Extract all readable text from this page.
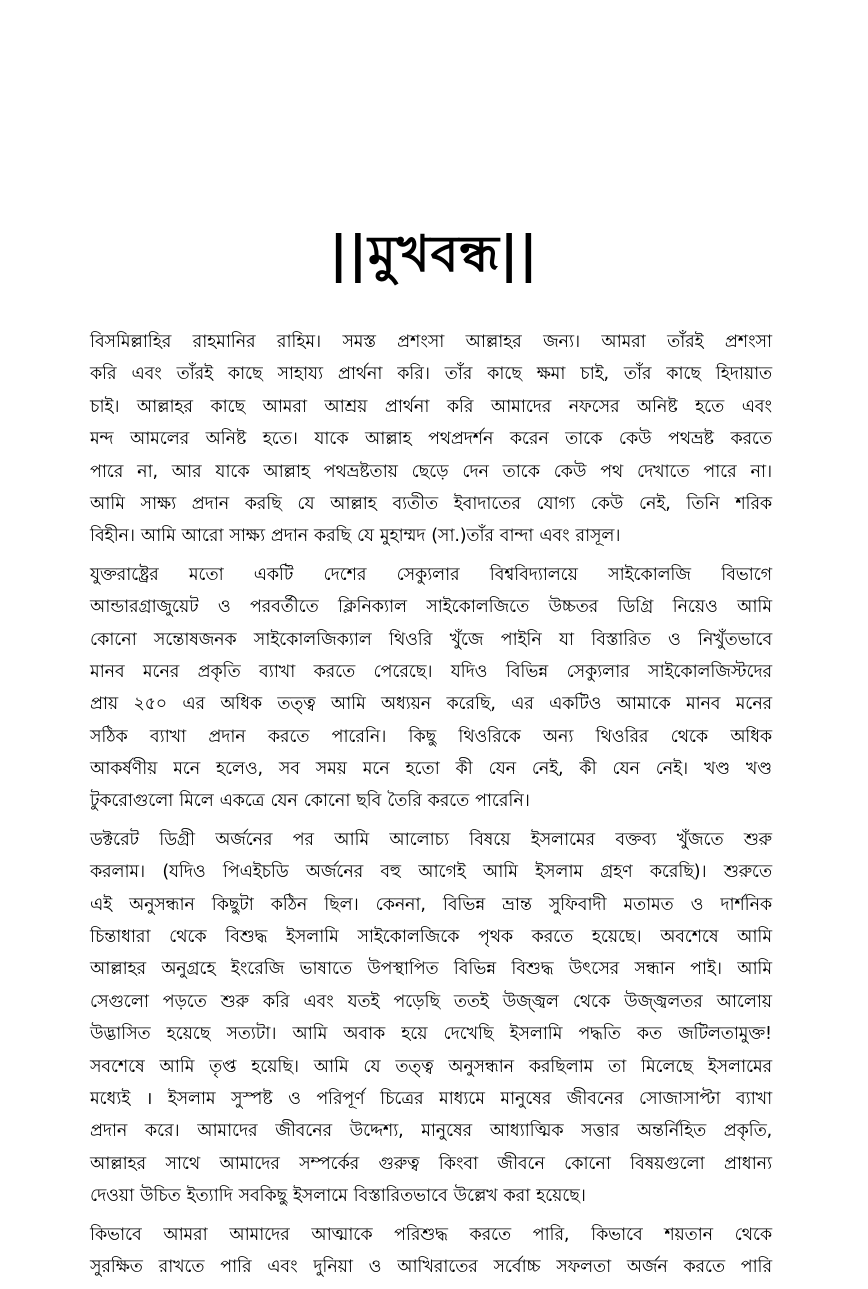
||মুখবন্ধ||
বিসমিল্লাহির রাহমানির রাহিম। সমস্ত প্রশংসা আল্লাহর জন্য। আমরা তাঁরই প্রশংসা
করি এবং তাঁরই কাছে সাহায্য প্রার্থনা করি। তাঁর কাছে ক্ষমা চাই, তাঁর কাছে হিদায়াত
চাই। আল্লাহর কাছে আমরা আশ্রয় প্রার্থনা করি আমাদের নফসের অনিষ্ট হতে এবং
মন্দ আমলের অনিষ্ট হতে। যাকে আল্লাহ পথপ্রদর্শন করেন তাকে কেউ পথভ্রষ্ট করতে
পারে না, আর যাকে আল্লাহ পথভ্রষ্টতায় ছেড়ে দেন তাকে কেউ পথ দেখাতে পারে না।
আমি সাক্ষ্য প্রদান করছি যে আল্লাহ ব্যতীত ইবাদাতের যোগ্য কেউ নেই, তিনি শরিক
বিহীন। আমি আরো সাক্ষ্য প্রদান করছি যে মুহাম্মদ (সা.)তাঁর বান্দা এবং রাসূল।
যুক্তরাষ্ট্রের মতো একটি দেশের সেক্যুলার বিশ্ববিদ্যালয়ে সাইকোলজি বিভাগে
আন্ডারগ্রাজুয়েট ও পরবর্তীতে ক্লিনিক্যাল সাইকোলজিতে উচ্চতর ডিগ্রি নিয়েও আমি
কোনো সন্তোষজনক সাইকোলজিক্যাল থিওরি খুঁজে পাইনি যা বিস্তারিত ও নিখুঁতভাবে
মানব মনের প্রকৃতি ব্যাখা করতে পেরেছে। যদিও বিভিন্ন সেক্যুলার সাইকোলজিস্টদের
প্রায় ২৫০ এর অধিক তত্ত্ব আমি অধ্যয়ন করেছি, এর একটিও আমাকে মানব মনের
সঠিক ব্যাখা প্রদান করতে পারেনি। কিছু থিওরিকে অন্য থিওরির থেকে অধিক
আকর্ষণীয় মনে হলেও, সব সময় মনে হতো কী যেন নেই, কী যেন নেই। খণ্ড খণ্ড
টুকরোগুলো মিলে একত্রে যেন কোনো ছবি তৈরি করতে পারেনি।
ডক্টরেট ডিগ্রী অর্জনের পর আমি আলোচ্য বিষয়ে ইসলামের বক্তব্য খুঁজতে শুরু
করলাম। (যদিও পিএইচডি অর্জনের বহু আগেই আমি ইসলাম গ্রহণ করেছি)। শুরুতে
এই অনুসন্ধান কিছুটা কঠিন ছিল। কেননা, বিভিন্ন ভ্রান্ত সুফিবাদী মতামত ও দার্শনিক
চিন্তাধারা থেকে বিশুদ্ধ ইসলামি সাইকোলজিকে পৃথক করতে হয়েছে। অবশেষে আমি
আল্লাহর অনুগ্রহে ইংরেজি ভাষাতে উপস্থাপিত বিভিন্ন বিশুদ্ধ উৎসের সন্ধান পাই। আমি
সেগুলো পড়তে শুরু করি এবং যতই পড়েছি ততই উজ্জ্বল থেকে উজ্জ্বলতর আলোয়
উদ্ভাসিত হয়েছে সত্যটা। আমি অবাক হয়ে দেখেছি ইসলামি পদ্ধতি কত জটিলতামুক্ত!
সবশেষে আমি তৃপ্ত হয়েছি। আমি যে তত্ত্ব অনুসন্ধান করছিলাম তা মিলেছে ইসলামের
মধ্যেই । ইসলাম সুস্পষ্ট ও পরিপূর্ণ চিত্রের মাধ্যমে মানুষের জীবনের সোজাসাপ্টা ব্যাখা
প্রদান করে। আমাদের জীবনের উদ্দেশ্য, মানুষের আধ্যাত্মিক সত্তার অন্তর্নিহিত প্রকৃতি,
আল্লাহর সাথে আমাদের সম্পর্কের গুরুত্ব কিংবা জীবনে কোনো বিষয়গুলো প্রাধান্য
দেওয়া উচিত ইত্যাদি সবকিছু ইসলামে বিস্তারিতভাবে উল্লেখ করা হয়েছে।
কিভাবে আমরা আমাদের আত্মাকে পরিশুদ্ধ করতে পারি, কিভাবে শয়তান থেকে
সুরক্ষিত রাখতে পারি এবং দুনিয়া ও আখিরাতের সর্বোচ্চ সফলতা অর্জন করতে পারি
